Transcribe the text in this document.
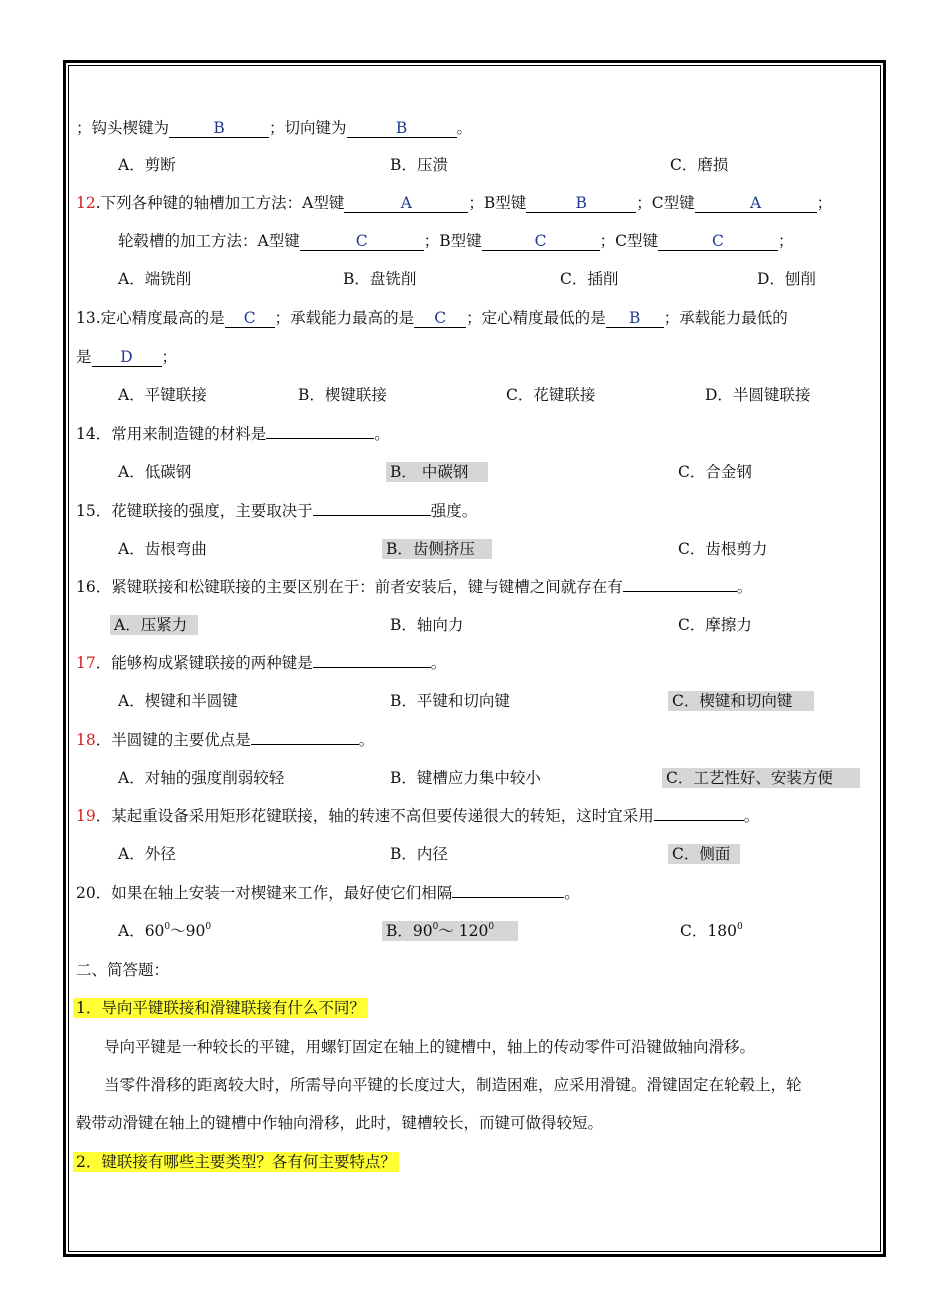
；钩头楔键为	B	；切向键为	B	。
A．剪断	B．压溃	C．磨损
12.下列各种键的轴槽加工方法：A型键	A	；B型键	B	；C型键	A	；
轮毂槽的加工方法：A型键	C	；B型键	C	；C型键	C	；
A．端铣削	B．盘铣削	C．插削	D．刨削
13.定心精度最高的是 C ；承载能力最高的是 C ；定心精度最低的是 B ；承载能力最低的
是 D ；
A．平键联接	B．楔键联接	C．花键联接	D．半圆键联接
14．常用来制造键的材料是	。
A．低碳钢	B． 中碳钢	C．合金钢
15．花键联接的强度，主要取决于	强度。
A．齿根弯曲	B．齿侧挤压	C．齿根剪力
16．紧键联接和松键联接的主要区别在于：前者安装后，键与键槽之间就存在有	。
A．压紧力	B．轴向力	C．摩擦力
17．能够构成紧键联接的两种键是	。
A．楔键和半圆键	B．平键和切向键	C．楔键和切向键
18．半圆键的主要优点是	。
A．对轴的强度削弱较轻	B．键槽应力集中较小	C．工艺性好、安装方便
19．某起重设备采用矩形花键联接，轴的转速不高但要传递很大的转矩，这时宜采用	。
A．外径	B．内径	C．侧面
20．如果在轴上安装一对楔键来工作，最好使它们相隔	。
A．$60^0\sim 90^0$	B．$90^0\sim$ $120^0$	C．$180^0$
二、简答题：
1．导向平键联接和滑键联接有什么不同？
导向平键是一种较长的平键，用螺钉固定在轴上的键槽中，轴上的传动零件可沿键做轴向滑移。
当零件滑移的距离较大时，所需导向平键的长度过大，制造困难，应采用滑键。滑键固定在轮毂上，轮
毂带动滑键在轴上的键槽中作轴向滑移，此时，键槽较长，而键可做得较短。
2．键联接有哪些主要类型？各有何主要特点？
